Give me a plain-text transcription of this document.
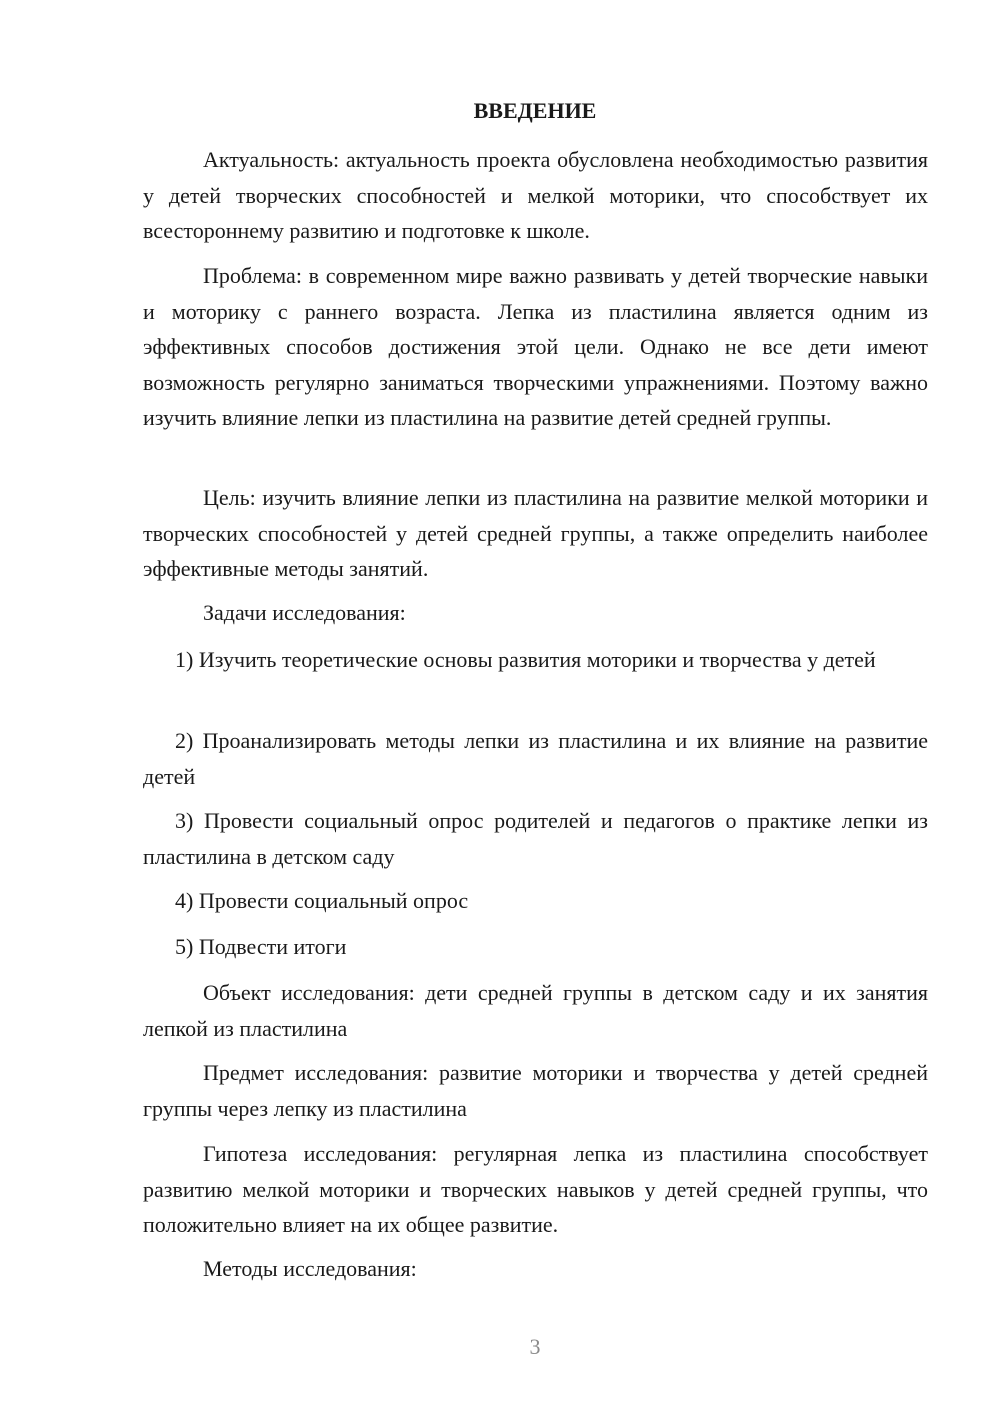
ВВЕДЕНИЕ

Актуальность: актуальность проекта обусловлена необходимостью развития у детей творческих способностей и мелкой моторики, что способствует их всестороннему развитию и подготовке к школе.

Проблема: в современном мире важно развивать у детей творческие навыки и моторику с раннего возраста. Лепка из пластилина является одним из эффективных способов достижения этой цели. Однако не все дети имеют возможность регулярно заниматься творческими упражнениями. Поэтому важно изучить влияние лепки из пластилина на развитие детей средней группы.

Цель: изучить влияние лепки из пластилина на развитие мелкой моторики и творческих способностей у детей средней группы, а также определить наиболее эффективные методы занятий.

Задачи исследования:

1) Изучить теоретические основы развития моторики и творчества у детей

2) Проанализировать методы лепки из пластилина и их влияние на развитие детей

3) Провести социальный опрос родителей и педагогов о практике лепки из пластилина в детском саду

4) Провести социальный опрос

5) Подвести итоги

Объект исследования: дети средней группы в детском саду и их занятия лепкой из пластилина

Предмет исследования: развитие моторики и творчества у детей средней группы через лепку из пластилина

Гипотеза исследования: регулярная лепка из пластилина способствует развитию мелкой моторики и творческих навыков у детей средней группы, что положительно влияет на их общее развитие.

Методы исследования:

3
